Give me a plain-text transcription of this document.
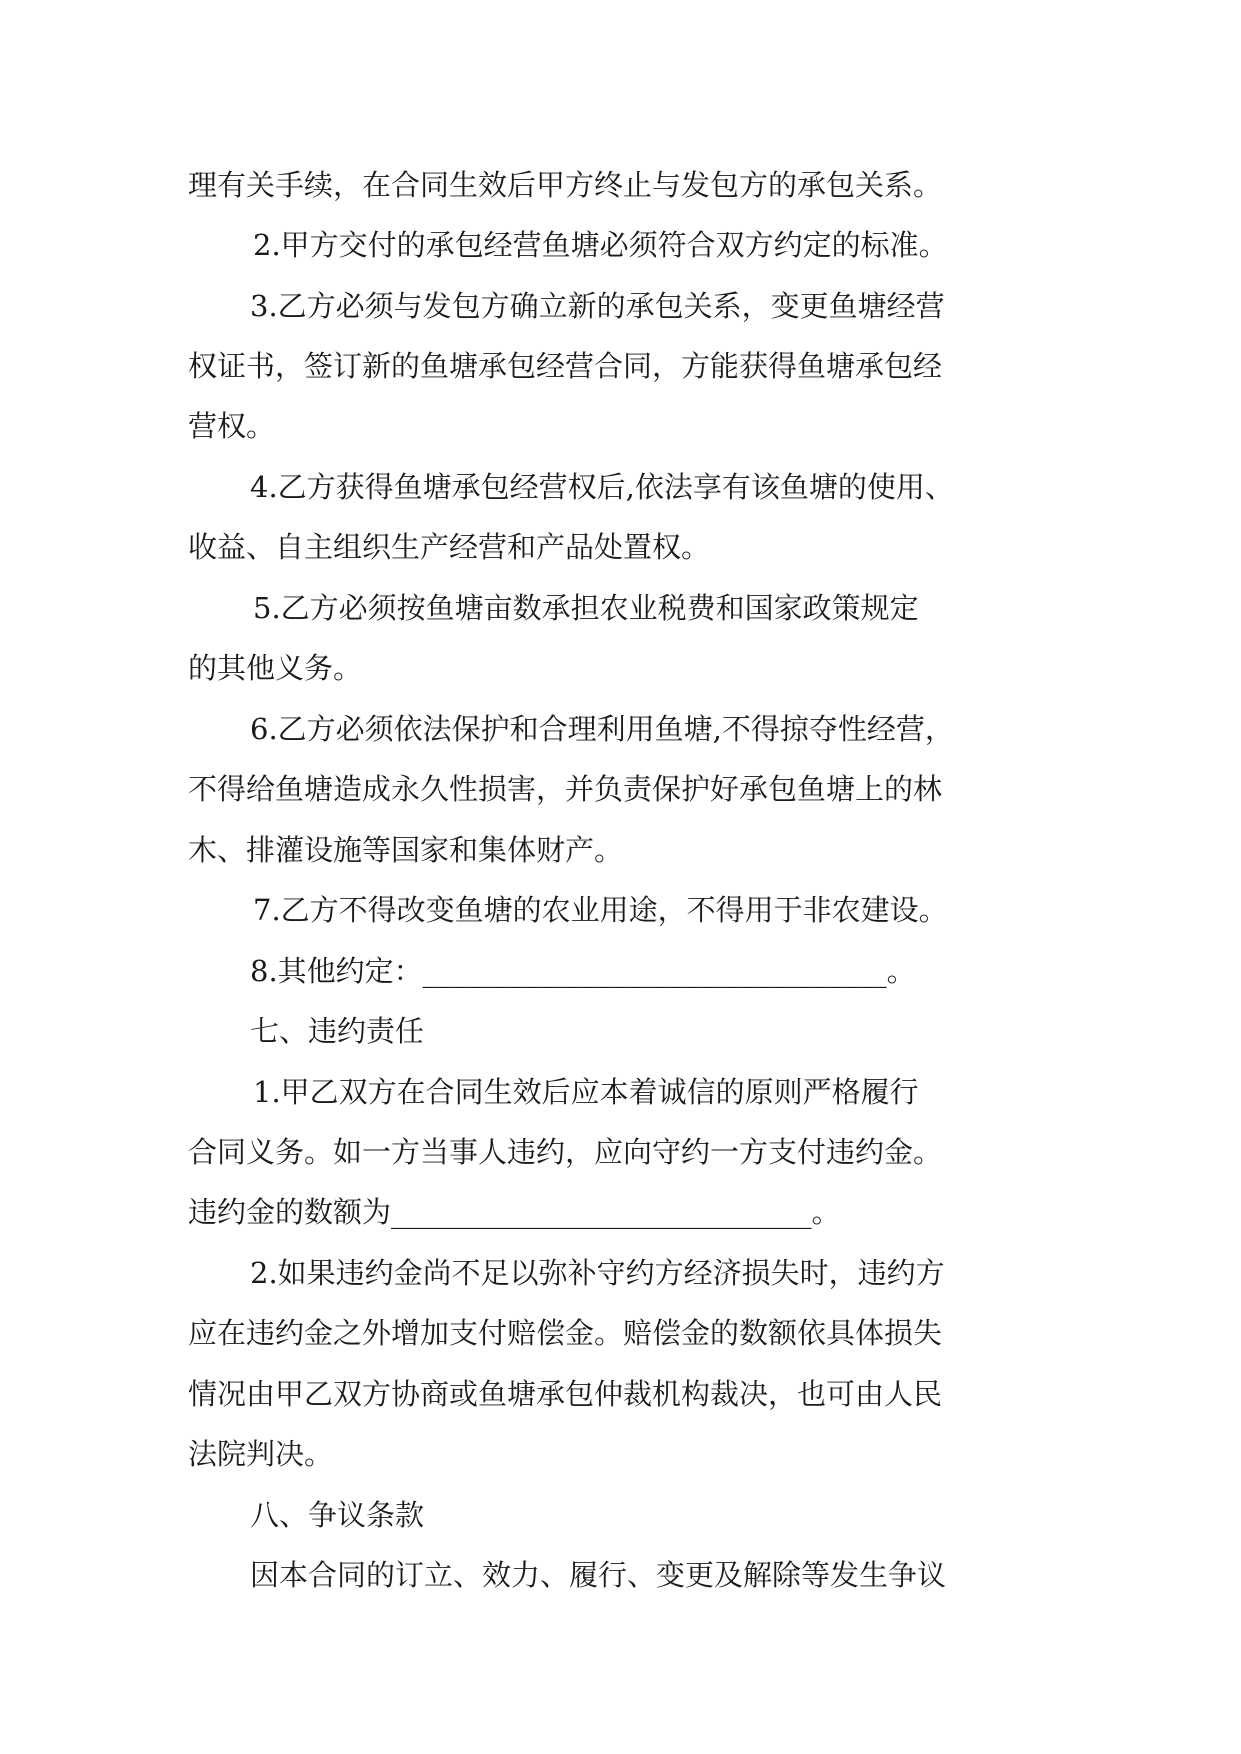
理有关手续，在合同生效后甲方终止与发包方的承包关系。
2.甲方交付的承包经营鱼塘必须符合双方约定的标准。
3.乙方必须与发包方确立新的承包关系，变更鱼塘经营
权证书，签订新的鱼塘承包经营合同，方能获得鱼塘承包经
营权。
4.乙方获得鱼塘承包经营权后,依法享有该鱼塘的使用、
收益、自主组织生产经营和产品处置权。
5.乙方必须按鱼塘亩数承担农业税费和国家政策规定
的其他义务。
6.乙方必须依法保护和合理利用鱼塘,不得掠夺性经营，
不得给鱼塘造成永久性损害，并负责保护好承包鱼塘上的林
木、排灌设施等国家和集体财产。
7.乙方不得改变鱼塘的农业用途，不得用于非农建设。
8.其他约定：________________________________。
七、违约责任
1.甲乙双方在合同生效后应本着诚信的原则严格履行
合同义务。如一方当事人违约，应向守约一方支付违约金。
违约金的数额为_____________________________。
2.如果违约金尚不足以弥补守约方经济损失时，违约方
应在违约金之外增加支付赔偿金。赔偿金的数额依具体损失
情况由甲乙双方协商或鱼塘承包仲裁机构裁决，也可由人民
法院判决。
八、争议条款
因本合同的订立、效力、履行、变更及解除等发生争议
